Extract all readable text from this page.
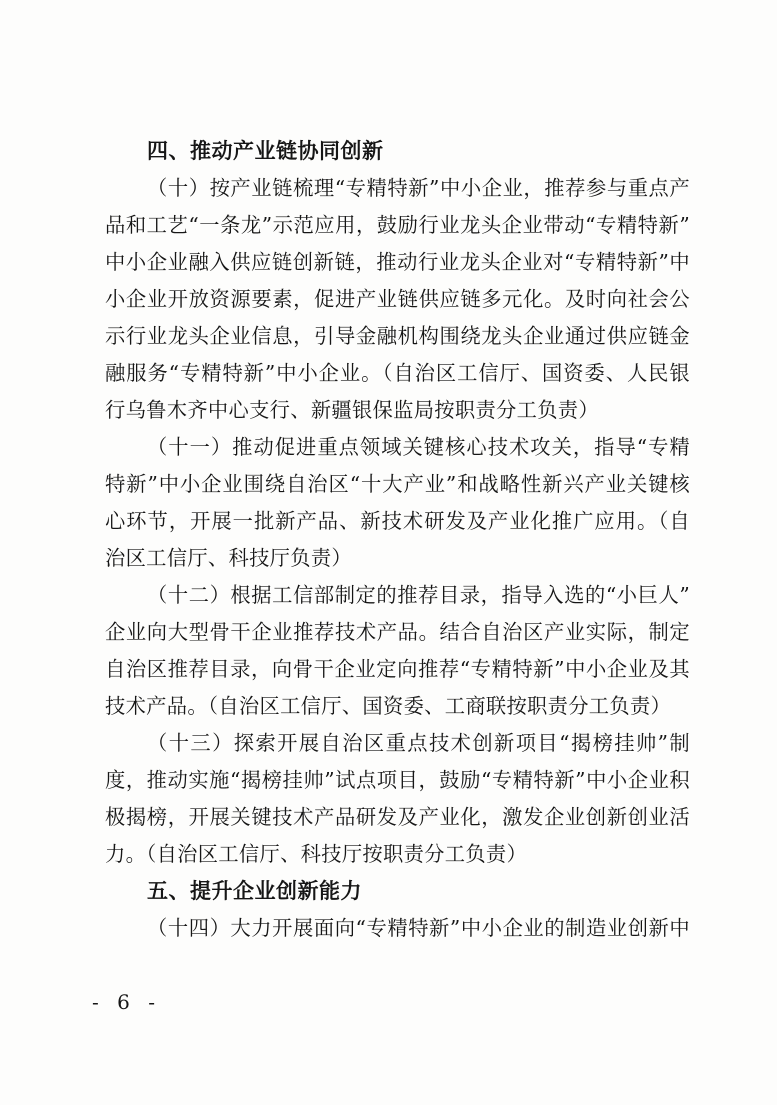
四、推动产业链协同创新
（十）按产业链梳理“专精特新”中小企业，推荐参与重点产
品和工艺“一条龙”示范应用，鼓励行业龙头企业带动“专精特新”
中小企业融入供应链创新链，推动行业龙头企业对“专精特新”中
小企业开放资源要素，促进产业链供应链多元化。及时向社会公
示行业龙头企业信息，引导金融机构围绕龙头企业通过供应链金
融服务“专精特新”中小企业。（自治区工信厅、国资委、人民银
行乌鲁木齐中心支行、新疆银保监局按职责分工负责）
（十一）推动促进重点领域关键核心技术攻关，指导“专精
特新”中小企业围绕自治区“十大产业”和战略性新兴产业关键核
心环节，开展一批新产品、新技术研发及产业化推广应用。（自
治区工信厅、科技厅负责）
（十二）根据工信部制定的推荐目录，指导入选的“小巨人”
企业向大型骨干企业推荐技术产品。结合自治区产业实际，制定
自治区推荐目录，向骨干企业定向推荐“专精特新”中小企业及其
技术产品。（自治区工信厅、国资委、工商联按职责分工负责）
（十三）探索开展自治区重点技术创新项目“揭榜挂帅”制
度，推动实施“揭榜挂帅”试点项目，鼓励“专精特新”中小企业积
极揭榜，开展关键技术产品研发及产业化，激发企业创新创业活
力。（自治区工信厅、科技厅按职责分工负责）
五、提升企业创新能力
（十四）大力开展面向“专精特新”中小企业的制造业创新中
- 6 -
